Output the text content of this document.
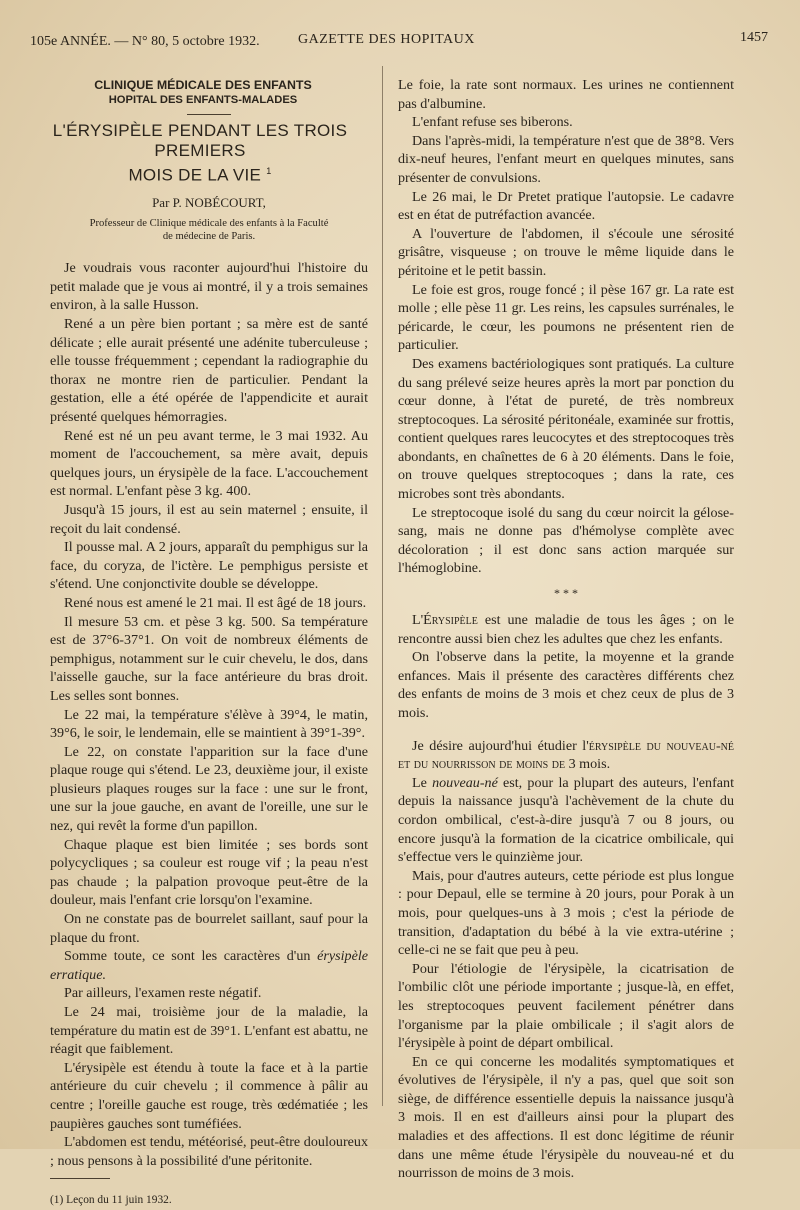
105e ANNÉE. — N° 80, 5 octobre 1932.	GAZETTE DES HOPITAUX	1457
CLINIQUE MÉDICALE DES ENFANTS
HOPITAL DES ENFANTS-MALADES
L'ÉRYSIPÈLE PENDANT LES TROIS PREMIERS
MOIS DE LA VIE $^1$
Par P. NOBÉCOURT,
Professeur de Clinique médicale des enfants à la Faculté
de médecine de Paris.

Je voudrais vous raconter aujourd'hui l'histoire du petit malade que je vous ai montré, il y a trois semaines environ, à la salle Husson.

René a un père bien portant ; sa mère est de santé délicate ; elle aurait présenté une adénite tuberculeuse ; elle tousse fréquemment ; cependant la radiographie du thorax ne montre rien de particulier. Pendant la gestation, elle a été opérée de l'appendicite et aurait présenté quelques hémorragies.

René est né un peu avant terme, le 3 mai 1932. Au moment de l'accouchement, sa mère avait, depuis quelques jours, un érysipèle de la face. L'accouchement est normal. L'enfant pèse 3 kg. 400.

Jusqu'à 15 jours, il est au sein maternel ; ensuite, il reçoit du lait condensé.

Il pousse mal. A 2 jours, apparaît du pemphigus sur la face, du coryza, de l'ictère. Le pemphigus persiste et s'étend. Une conjonctivite double se développe.

René nous est amené le 21 mai. Il est âgé de 18 jours.

Il mesure 53 cm. et pèse 3 kg. 500. Sa température est de 37°6-37°1. On voit de nombreux éléments de pemphigus, notamment sur le cuir chevelu, le dos, dans l'aisselle gauche, sur la face antérieure du bras droit. Les selles sont bonnes.

Le 22 mai, la température s'élève à 39°4, le matin, 39°6, le soir, le lendemain, elle se maintient à 39°1-39°.

Le 22, on constate l'apparition sur la face d'une plaque rouge qui s'étend. Le 23, deuxième jour, il existe plusieurs plaques rouges sur la face : une sur le front, une sur la joue gauche, en avant de l'oreille, une sur le nez, qui revêt la forme d'un papillon.

Chaque plaque est bien limitée ; ses bords sont polycycliques ; sa couleur est rouge vif ; la peau n'est pas chaude ; la palpation provoque peut-être de la douleur, mais l'enfant crie lorsqu'on l'examine.

On ne constate pas de bourrelet saillant, sauf pour la plaque du front.

Somme toute, ce sont les caractères d'un érysipèle erratique.

Par ailleurs, l'examen reste négatif.

Le 24 mai, troisième jour de la maladie, la température du matin est de 39°1. L'enfant est abattu, ne réagit que faiblement.

L'érysipèle est étendu à toute la face et à la partie antérieure du cuir chevelu ; il commence à pâlir au centre ; l'oreille gauche est rouge, très œdématiée ; les paupières gauches sont tuméfiées.

L'abdomen est tendu, météorisé, peut-être douloureux ; nous pensons à la possibilité d'une péritonite.

(1) Leçon du 11 juin 1932.

Le foie, la rate sont normaux. Les urines ne contiennent pas d'albumine.

L'enfant refuse ses biberons.

Dans l'après-midi, la température n'est que de 38°8. Vers dix-neuf heures, l'enfant meurt en quelques minutes, sans présenter de convulsions.

Le 26 mai, le Dr Pretet pratique l'autopsie. Le cadavre est en état de putréfaction avancée.

A l'ouverture de l'abdomen, il s'écoule une sérosité grisâtre, visqueuse ; on trouve le même liquide dans le péritoine et le petit bassin.

Le foie est gros, rouge foncé ; il pèse 167 gr. La rate est molle ; elle pèse 11 gr. Les reins, les capsules surrénales, le péricarde, le cœur, les poumons ne présentent rien de particulier.

Des examens bactériologiques sont pratiqués. La culture du sang prélevé seize heures après la mort par ponction du cœur donne, à l'état de pureté, de très nombreux streptocoques. La sérosité péritonéale, examinée sur frottis, contient quelques rares leucocytes et des streptocoques très abondants, en chaînettes de 6 à 20 éléments. Dans le foie, on trouve quelques streptocoques ; dans la rate, ces microbes sont très abondants.

Le streptocoque isolé du sang du cœur noircit la gélose-sang, mais ne donne pas d'hémolyse complète avec décoloration ; il est donc sans action marquée sur l'hémoglobine.

* * *

L'Érysipèle est une maladie de tous les âges ; on le rencontre aussi bien chez les adultes que chez les enfants.

On l'observe dans la petite, la moyenne et la grande enfances. Mais il présente des caractères différents chez des enfants de moins de 3 mois et chez ceux de plus de 3 mois.

Je désire aujourd'hui étudier l'érysipèle du nouveau-né et du nourrisson de moins de 3 mois.

Le nouveau-né est, pour la plupart des auteurs, l'enfant depuis la naissance jusqu'à l'achèvement de la chute du cordon ombilical, c'est-à-dire jusqu'à 7 ou 8 jours, ou encore jusqu'à la formation de la cicatrice ombilicale, qui s'effectue vers le quinzième jour.

Mais, pour d'autres auteurs, cette période est plus longue : pour Depaul, elle se termine à 20 jours, pour Porak à un mois, pour quelques-uns à 3 mois ; c'est la période de transition, d'adaptation du bébé à la vie extra-utérine ; celle-ci ne se fait que peu à peu.

Pour l'étiologie de l'érysipèle, la cicatrisation de l'ombilic clôt une période importante ; jusque-là, en effet, les streptocoques peuvent facilement pénétrer dans l'organisme par la plaie ombilicale ; il s'agit alors de l'érysipèle à point de départ ombilical.

En ce qui concerne les modalités symptomatiques et évolutives de l'érysipèle, il n'y a pas, quel que soit son siège, de différence essentielle depuis la naissance jusqu'à 3 mois. Il en est d'ailleurs ainsi pour la plupart des maladies et des affections. Il est donc légitime de réunir dans une même étude l'érysipèle du nouveau-né et du nourrisson de moins de 3 mois.
